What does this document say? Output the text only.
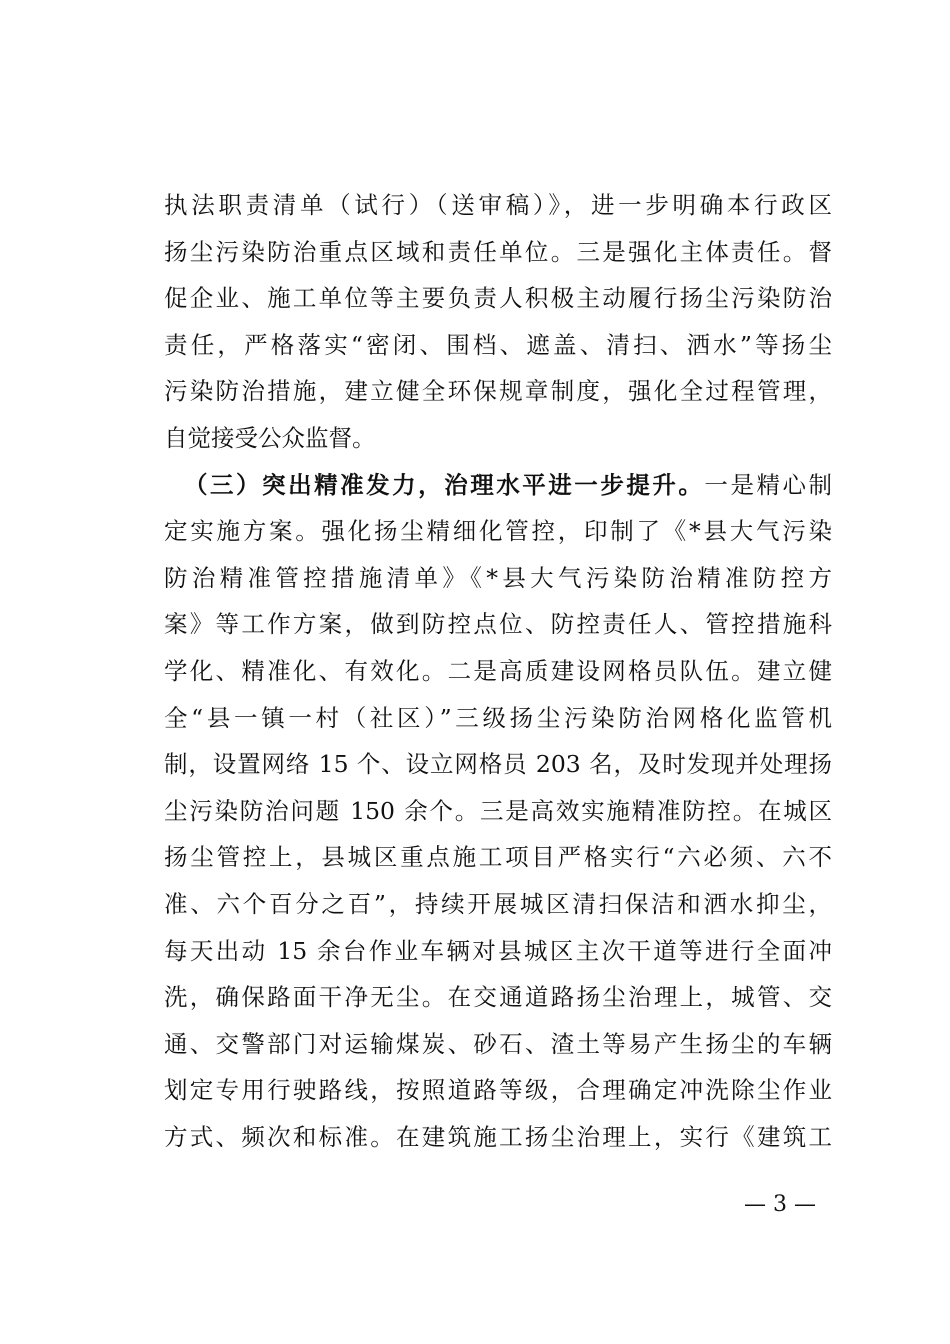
执法职责清单（试行）（送审稿）》，进一步明确本行政区
扬尘污染防治重点区域和责任单位。三是强化主体责任。督
促企业、施工单位等主要负责人积极主动履行扬尘污染防治
责任，严格落实“密闭、围档、遮盖、清扫、洒水”等扬尘
污染防治措施，建立健全环保规章制度，强化全过程管理，
自觉接受公众监督。
（三）突出精准发力，治理水平进一步提升。一是精心制
定实施方案。强化扬尘精细化管控，印制了《*县大气污染
防治精准管控措施清单》《*县大气污染防治精准防控方
案》等工作方案，做到防控点位、防控责任人、管控措施科
学化、精准化、有效化。二是高质建设网格员队伍。建立健
全“县一镇一村（社区）”三级扬尘污染防治网格化监管机
制，设置网络 15 个、设立网格员 203 名，及时发现并处理扬
尘污染防治问题 150 余个。三是高效实施精准防控。在城区
扬尘管控上，县城区重点施工项目严格实行“六必须、六不
准、六个百分之百”，持续开展城区清扫保洁和洒水抑尘，
每天出动 15 余台作业车辆对县城区主次干道等进行全面冲
洗，确保路面干净无尘。在交通道路扬尘治理上，城管、交
通、交警部门对运输煤炭、砂石、渣土等易产生扬尘的车辆
划定专用行驶路线，按照道路等级，合理确定冲洗除尘作业
方式、频次和标准。在建筑施工扬尘治理上，实行《建筑工
— 3 —
